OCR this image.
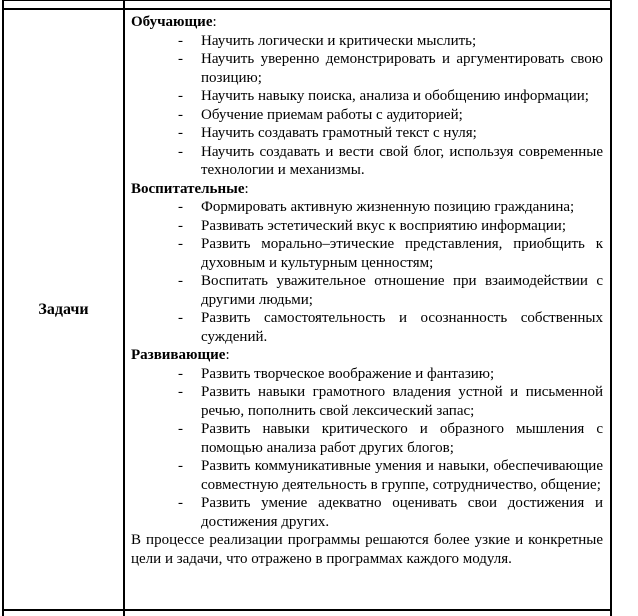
Задачи
Обучающие:
-	Научить логически и критически мыслить;
-	Научить уверенно демонстрировать и аргументировать свою позицию;
-	Научить навыку поиска, анализа и обобщению информации;
-	Обучение приемам работы с аудиторией;
-	Научить создавать грамотный текст с нуля;
-	Научить создавать и вести свой блог, используя современные технологии и механизмы.
Воспитательные:
-	Формировать активную жизненную позицию гражданина;
-	Развивать эстетический вкус к восприятию информации;
-	Развить морально–этические представления, приобщить к духовным и культурным ценностям;
-	Воспитать уважительное отношение при взаимодействии с другими людьми;
-	Развить самостоятельность и осознанность собственных суждений.
Развивающие:
-	Развить творческое воображение и фантазию;
-	Развить навыки грамотного владения устной и письменной речью, пополнить свой лексический запас;
-	Развить навыки критического и образного мышления с помощью анализа работ других блогов;
-	Развить коммуникативные умения и навыки, обеспечивающие совместную деятельность в группе, сотрудничество, общение;
-	Развить умение адекватно оценивать свои достижения и достижения других.
В процессе реализации программы решаются более узкие и конкретные цели и задачи, что отражено в программах каждого модуля.
